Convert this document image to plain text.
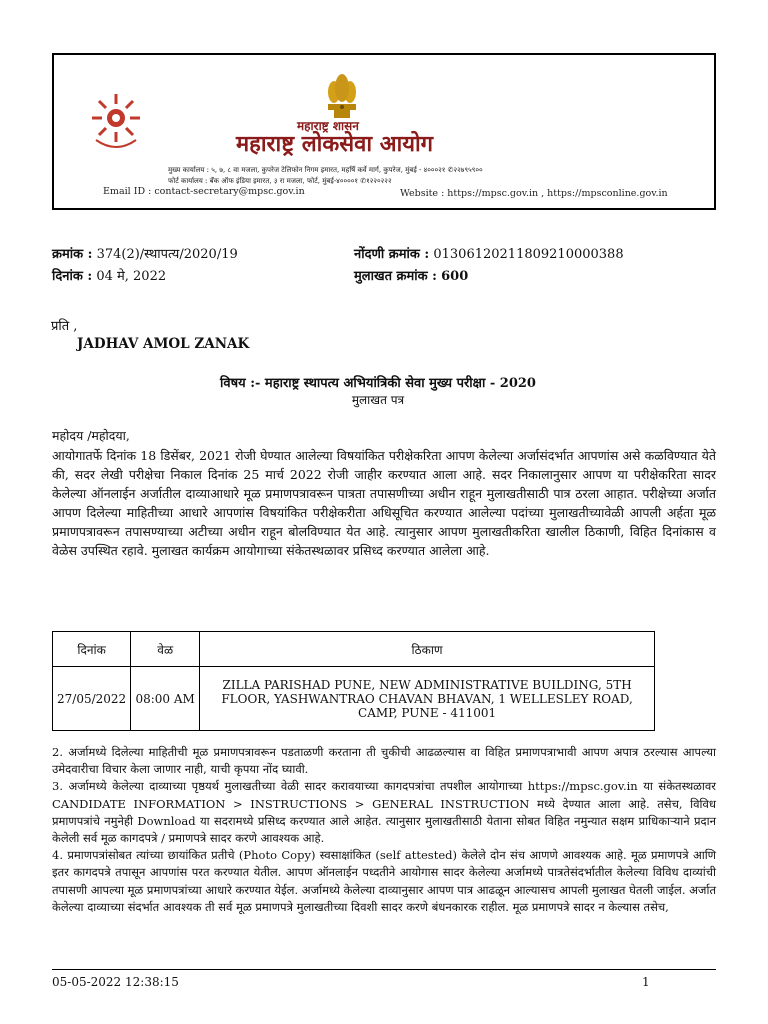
महाराष्ट्र शासन
महाराष्ट्र लोकसेवा आयोग
मुख्य कार्यालय : ५, ७, ८ वा मजला, कुपरेज टेलिफोन निगम इमारत, महर्षि कर्वे मार्ग, कुपरेज, मुंबई - ४०००२१ ✆२२७९५९००
फोर्ट कार्यालय : बँक ऑफ इंडिया इमारत, ३ रा मजला, फोर्ट, मुंबई-४००००१ ✆१२२०२२२
Email ID : contact-secretary@mpsc.gov.in	Website : https://mpsc.gov.in , https://mpsconline.gov.in
क्रमांक : 374(2)/स्थापत्य/2020/19
दिनांक : 04 मे, 2022
नोंदणी क्रमांक : 01306120211809210000388
मुलाखत क्रमांक : 600
प्रति ,
JADHAV AMOL ZANAK
विषय :- महाराष्ट्र स्थापत्य अभियांत्रिकी सेवा मुख्य परीक्षा - 2020
मुलाखत पत्र
महोदय /महोदया,
आयोगातर्फे दिनांक 18 डिसेंबर, 2021 रोजी घेण्यात आलेल्या विषयांकित परीक्षेकरिता आपण केलेल्या अर्जासंदर्भात आपणांस असे कळविण्यात येते की, सदर लेखी परीक्षेचा निकाल दिनांक 25 मार्च 2022 रोजी जाहीर करण्यात आला आहे. सदर निकालानुसार आपण या परीक्षेकरिता सादर केलेल्या ऑनलाईन अर्जातील दाव्याआधारे मूळ प्रमाणपत्रावरून पात्रता तपासणीच्या अधीन राहून मुलाखतीसाठी पात्र ठरला आहात. परीक्षेच्या अर्जात आपण दिलेल्या माहितीच्या आधारे आपणांस विषयांकित परीक्षेकरीता अधिसूचित करण्यात आलेल्या पदांच्या मुलाखतीच्यावेळी आपली अर्हता मूळ प्रमाणपत्रावरून तपासण्याच्या अटीच्या अधीन राहून बोलविण्यात येत आहे. त्यानुसार आपण मुलाखतीकरिता खालील ठिकाणी, विहित दिनांकास व वेळेस उपस्थित रहावे. मुलाखत कार्यक्रम आयोगाच्या संकेतस्थळावर प्रसिध्द करण्यात आलेला आहे.
दिनांक	वेळ	ठिकाण
27/05/2022	08:00 AM	ZILLA PARISHAD PUNE, NEW ADMINISTRATIVE BUILDING, 5TH FLOOR, YASHWANTRAO CHAVAN BHAVAN, 1 WELLESLEY ROAD, CAMP, PUNE - 411001

2. अर्जामध्ये दिलेल्या माहितीची मूळ प्रमाणपत्रावरून पडताळणी करताना ती चुकीची आढळल्यास वा विहित प्रमाणपत्राभावी आपण अपात्र ठरल्यास आपल्या उमेदवारीचा विचार केला जाणार नाही, याची कृपया नोंद घ्यावी.

3. अर्जामध्ये केलेल्या दाव्याच्या पृष्ठयर्थ मुलाखतीच्या वेळी सादर करावयाच्या कागदपत्रांचा तपशील आयोगाच्या https://mpsc.gov.in या संकेतस्थळावर CANDIDATE INFORMATION > INSTRUCTIONS > GENERAL INSTRUCTION मध्ये देण्यात आला आहे. तसेच, विविध प्रमाणपत्रांचे नमुनेही Download या सदरामध्ये प्रसिध्द करण्यात आले आहेत. त्यानुसार मुलाखतीसाठी येताना सोबत विहित नमुन्यात सक्षम प्राधिकाऱ्याने प्रदान केलेली सर्व मूळ कागदपत्रे / प्रमाणपत्रे सादर करणे आवश्यक आहे.

4. प्रमाणपत्रांसोबत त्यांच्या छायांकित प्रतीचे (Photo Copy) स्वसाक्षांकित (self attested) केलेले दोन संच आणणे आवश्यक आहे. मूळ प्रमाणपत्रे आणि इतर कागदपत्रे तपासून आपणांस परत करण्यात येतील. आपण ऑनलाईन पध्दतीने आयोगास सादर केलेल्या अर्जामध्ये पात्रतेसंदर्भातील केलेल्या विविध दाव्यांची तपासणी आपल्या मूळ प्रमाणपत्रांच्या आधारे करण्यात येईल. अर्जामध्ये केलेल्या दाव्यानुसार आपण पात्र आढळून आल्यासच आपली मुलाखत घेतली जाईल. अर्जात केलेल्या दाव्याच्या संदर्भात आवश्यक ती सर्व मूळ प्रमाणपत्रे मुलाखतीच्या दिवशी सादर करणे बंधनकारक राहील. मूळ प्रमाणपत्रे सादर न केल्यास तसेच,

05-05-2022 12:38:15	1
